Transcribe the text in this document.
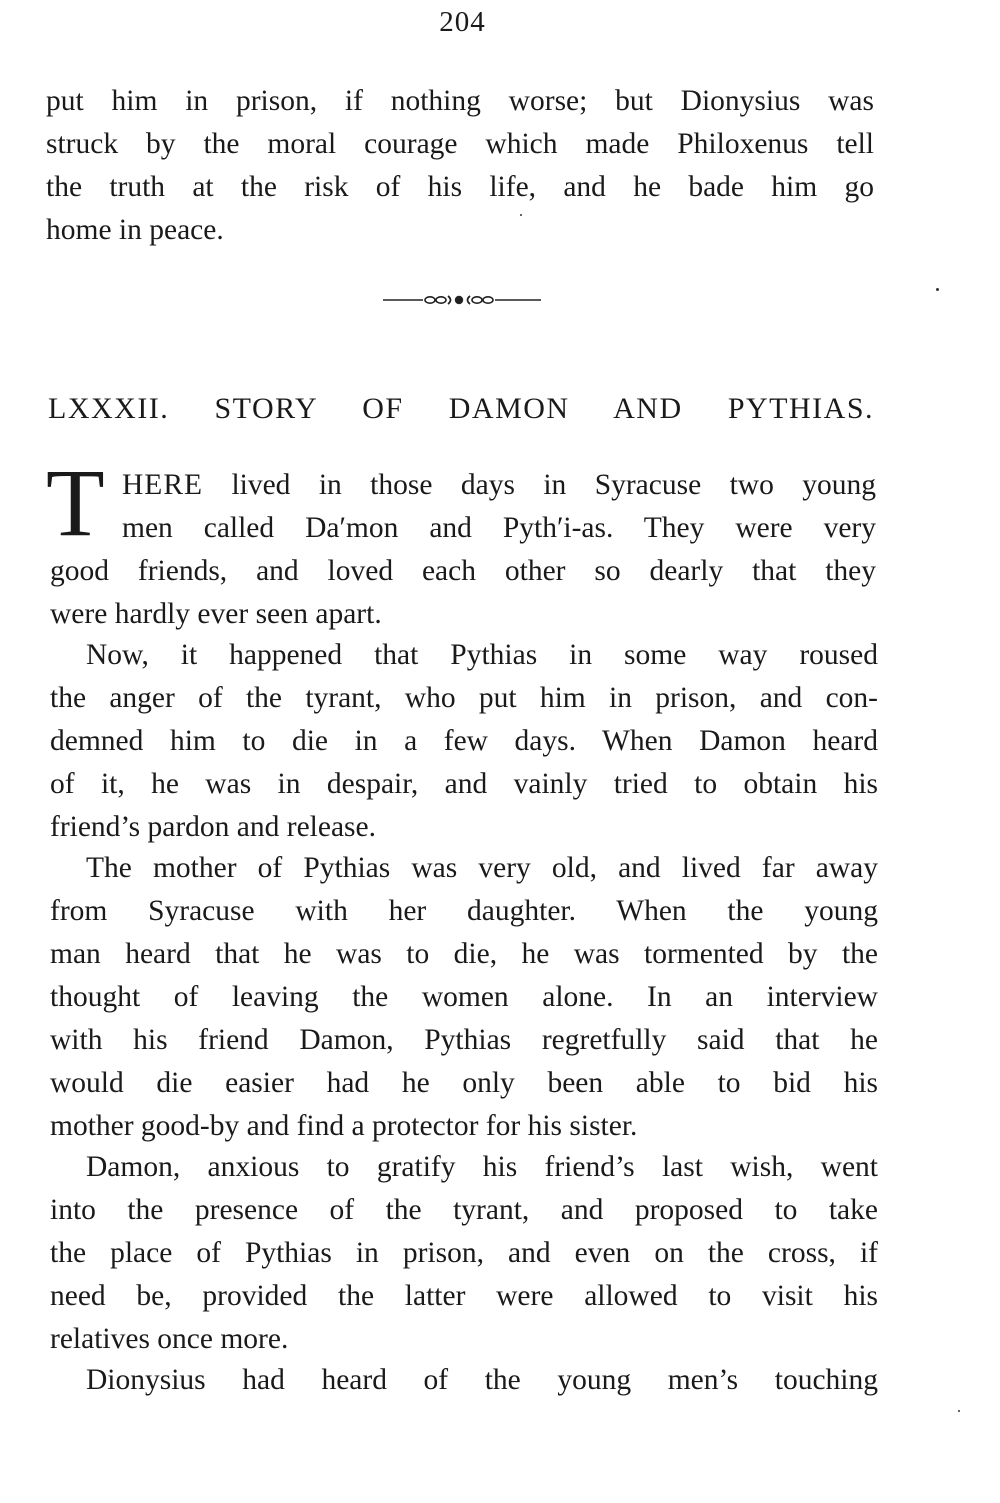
204

put him in prison, if nothing worse; but Dionysius was
struck by the moral courage which made Philoxenus tell
the truth at the risk of his life, and he bade him go
home in peace.

LXXXII. STORY OF DAMON AND PYTHIAS.
T HERE lived in those days in Syracuse two young
men called Da′mon and Pyth′i-as. They were very
good friends, and loved each other so dearly that they
were hardly ever seen apart.

Now, it happened that Pythias in some way roused
the anger of the tyrant, who put him in prison, and con-
demned him to die in a few days. When Damon heard
of it, he was in despair, and vainly tried to obtain his
friend’s pardon and release.

The mother of Pythias was very old, and lived far away
from Syracuse with her daughter. When the young
man heard that he was to die, he was tormented by the
thought of leaving the women alone. In an interview
with his friend Damon, Pythias regretfully said that he
would die easier had he only been able to bid his
mother good-by and find a protector for his sister.

Damon, anxious to gratify his friend’s last wish, went
into the presence of the tyrant, and proposed to take
the place of Pythias in prison, and even on the cross, if
need be, provided the latter were allowed to visit his
relatives once more.

Dionysius had heard of the young men’s touching
